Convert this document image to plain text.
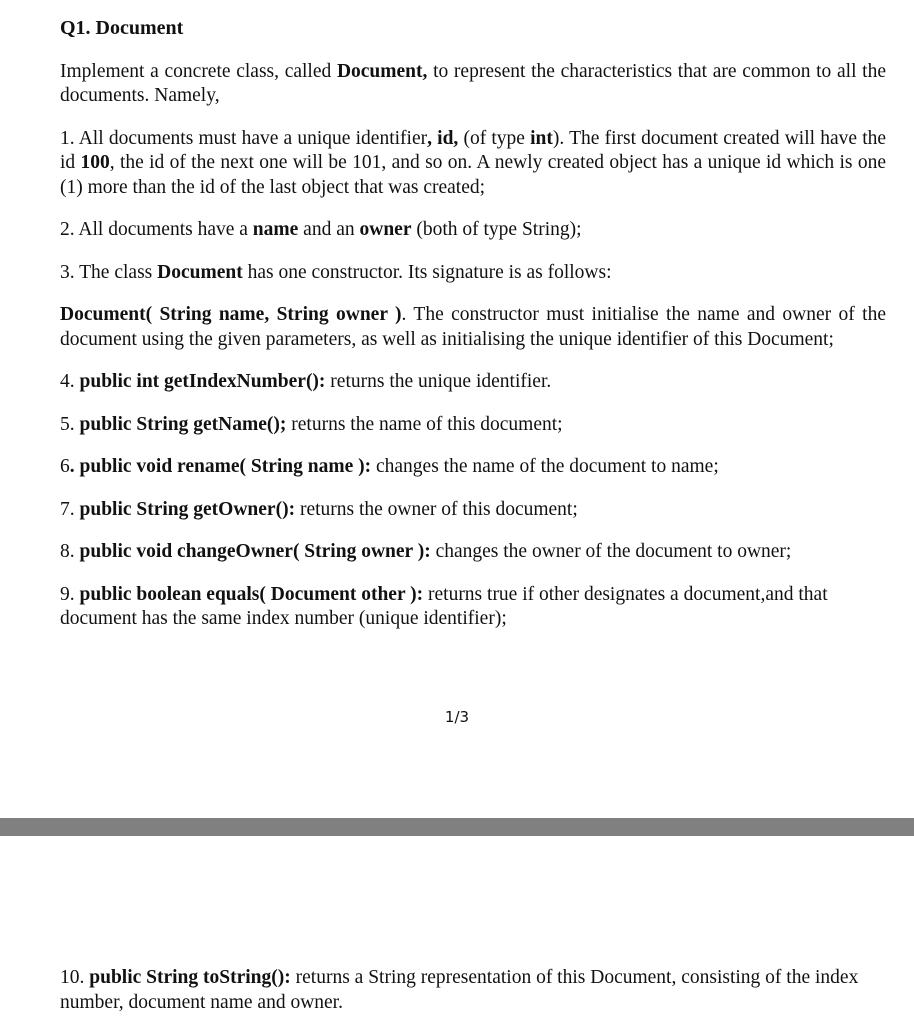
Q1. Document

Implement a concrete class, called Document, to represent the characteristics that are common to all the documents. Namely,

1. All documents must have a unique identifier, id, (of type int). The first document created will have the id 100, the id of the next one will be 101, and so on. A newly created object has a unique id which is one (1) more than the id of the last object that was created;

2. All documents have a name and an owner (both of type String);

3. The class Document has one constructor. Its signature is as follows:

Document( String name, String owner ). The constructor must initialise the name and owner of the document using the given parameters, as well as initialising the unique identifier of this Document;

4. public int getIndexNumber(): returns the unique identifier.

5. public String getName(); returns the name of this document;

6. public void rename( String name ): changes the name of the document to name;

7. public String getOwner(): returns the owner of this document;

8. public void changeOwner( String owner ): changes the owner of the document to owner;

9. public boolean equals( Document other ): returns true if other designates a document,and that document has the same index number (unique identifier);

1/3

10. public String toString(): returns a String representation of this Document, consisting of the index number, document name and owner.
